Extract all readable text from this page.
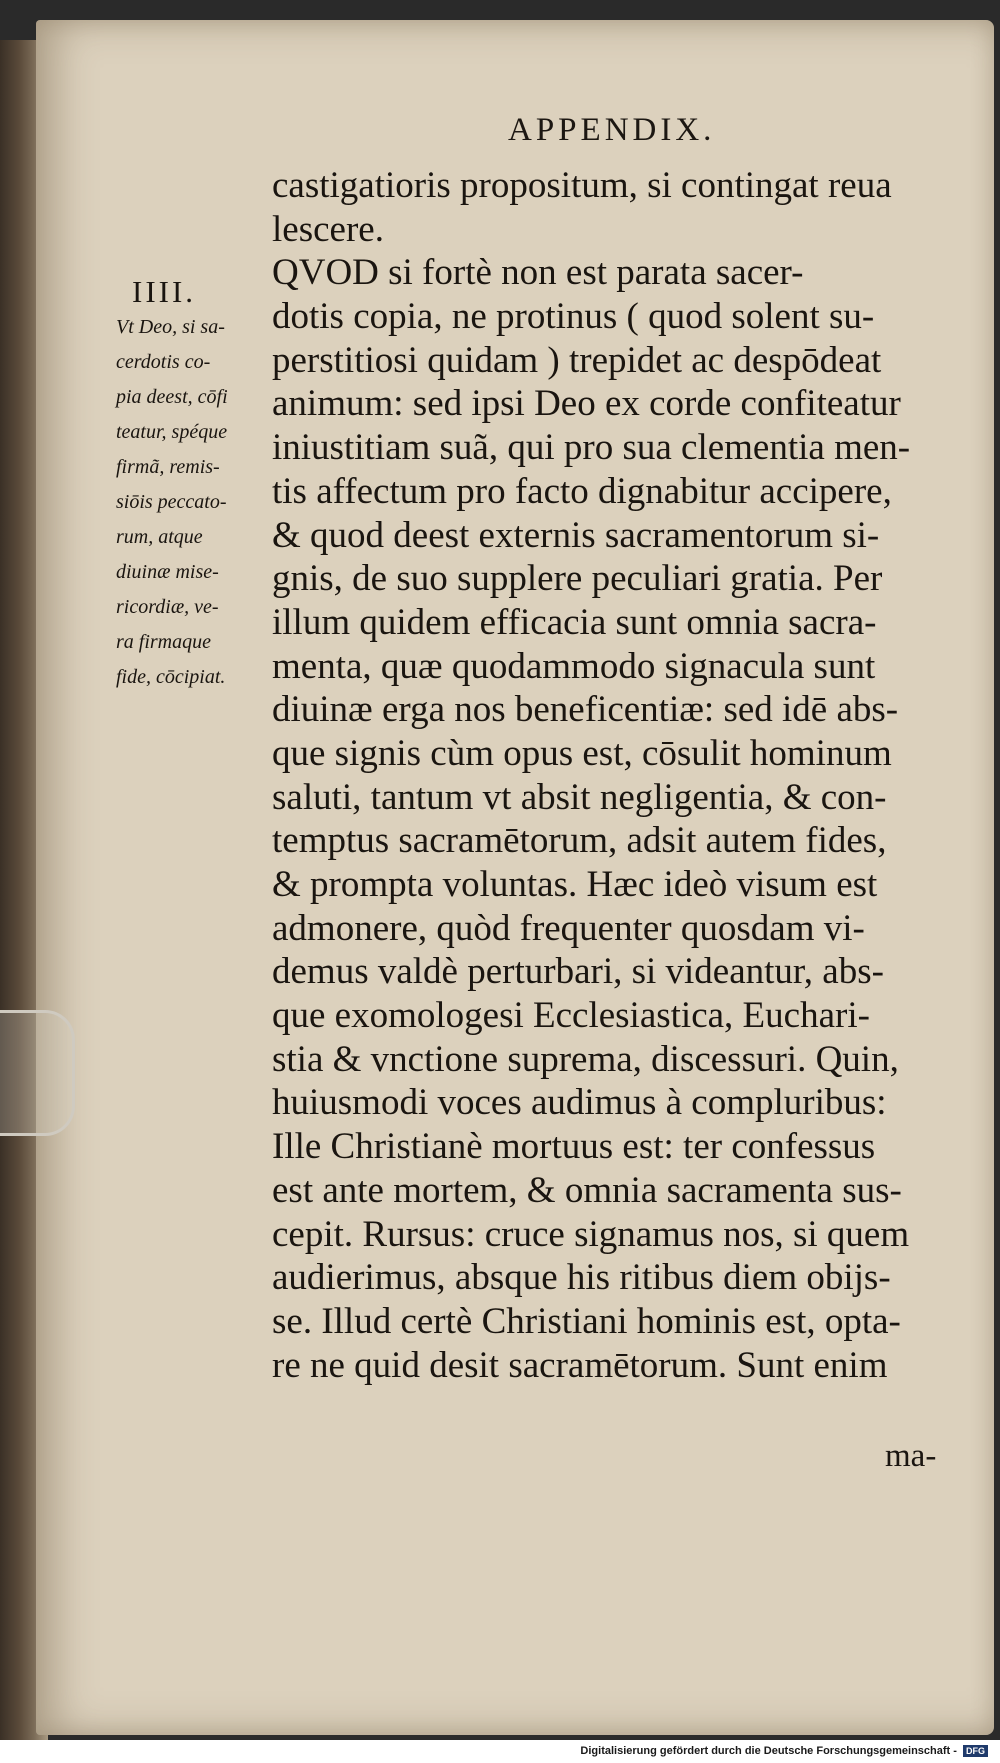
APPENDIX.
IIII.
Vt Deo, si sa-
cerdotis co-
pia deest, cōfi
teatur, spéque
firmã, remis-
siōis peccato-
rum, atque
diuinæ mise-
ricordiæ, ve-
ra firmaque
fide, cōcipiat.
castigatioris propositum, si contingat reua
lescere.
QVOD si fortè non est parata sacer-
dotis copia, ne protinus ( quod solent su-
perstitiosi quidam ) trepidet ac despōdeat
animum: sed ipsi Deo ex corde confiteatur
iniustitiam suã, qui pro sua clementia men-
tis affectum pro facto dignabitur accipere,
& quod deest externis sacramentorum si-
gnis, de suo supplere peculiari gratia. Per
illum quidem efficacia sunt omnia sacra-
menta, quæ quodammodo signacula sunt
diuinæ erga nos beneficentiæ: sed idē abs-
que signis cùm opus est, cōsulit hominum
saluti, tantum vt absit negligentia, & con-
temptus sacramētorum, adsit autem fides,
& prompta voluntas. Hæc ideò visum est
admonere, quòd frequenter quosdam vi-
demus valdè perturbari, si videantur, abs-
que exomologesi Ecclesiastica, Euchari-
stia & vnctione suprema, discessuri. Quin,
huiusmodi voces audimus à compluribus:
Ille Christianè mortuus est: ter confessus
est ante mortem, & omnia sacramenta sus-
cepit. Rursus: cruce signamus nos, si quem
audierimus, absque his ritibus diem obijs-
se. Illud certè Christiani hominis est, opta-
re ne quid desit sacramētorum. Sunt enim
ma-
Digitalisierung gefördert durch die Deutsche Forschungsgemeinschaft - DFG
